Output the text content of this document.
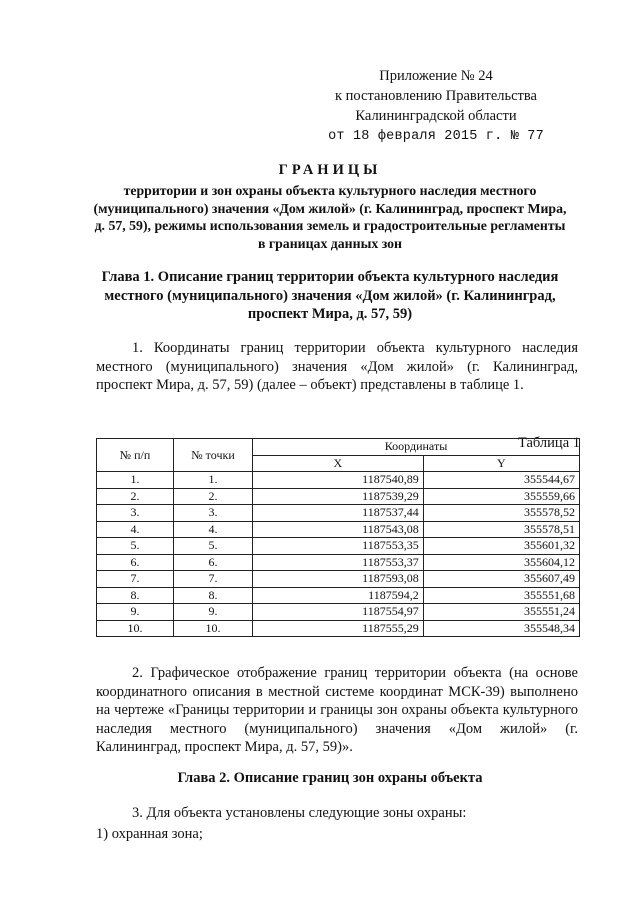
Приложение № 24
к постановлению Правительства
Калининградской области
от 18 февраля 2015 г. № 77
ГРАНИЦЫ
территории и зон охраны объекта культурного наследия местного (муниципального) значения «Дом жилой» (г. Калининград, проспект Мира, д. 57, 59), режимы использования земель и градостроительные регламенты в границах данных зон
Глава 1. Описание границ территории объекта культурного наследия местного (муниципального) значения «Дом жилой» (г. Калининград, проспект Мира, д. 57, 59)
1. Координаты границ территории объекта культурного наследия местного (муниципального) значения «Дом жилой» (г. Калининград, проспект Мира, д. 57, 59) (далее – объект) представлены в таблице 1.
Таблица 1
№ п/п	№ точки	Координаты	
		X	Y
1.	1.	1187540,89	355544,67
2.	2.	1187539,29	355559,66
3.	3.	1187537,44	355578,52
4.	4.	1187543,08	355578,51
5.	5.	1187553,35	355601,32
6.	6.	1187553,37	355604,12
7.	7.	1187593,08	355607,49
8.	8.	1187594,2	355551,68
9.	9.	1187554,97	355551,24
10.	10.	1187555,29	355548,34
2. Графическое отображение границ территории объекта (на основе координатного описания в местной системе координат МСК-39) выполнено на чертеже «Границы территории и границы зон охраны объекта культурного наследия местного (муниципального) значения «Дом жилой» (г. Калининград, проспект Мира, д. 57, 59)».
Глава 2. Описание границ зон охраны объекта
3. Для объекта установлены следующие зоны охраны:
1) охранная зона;
